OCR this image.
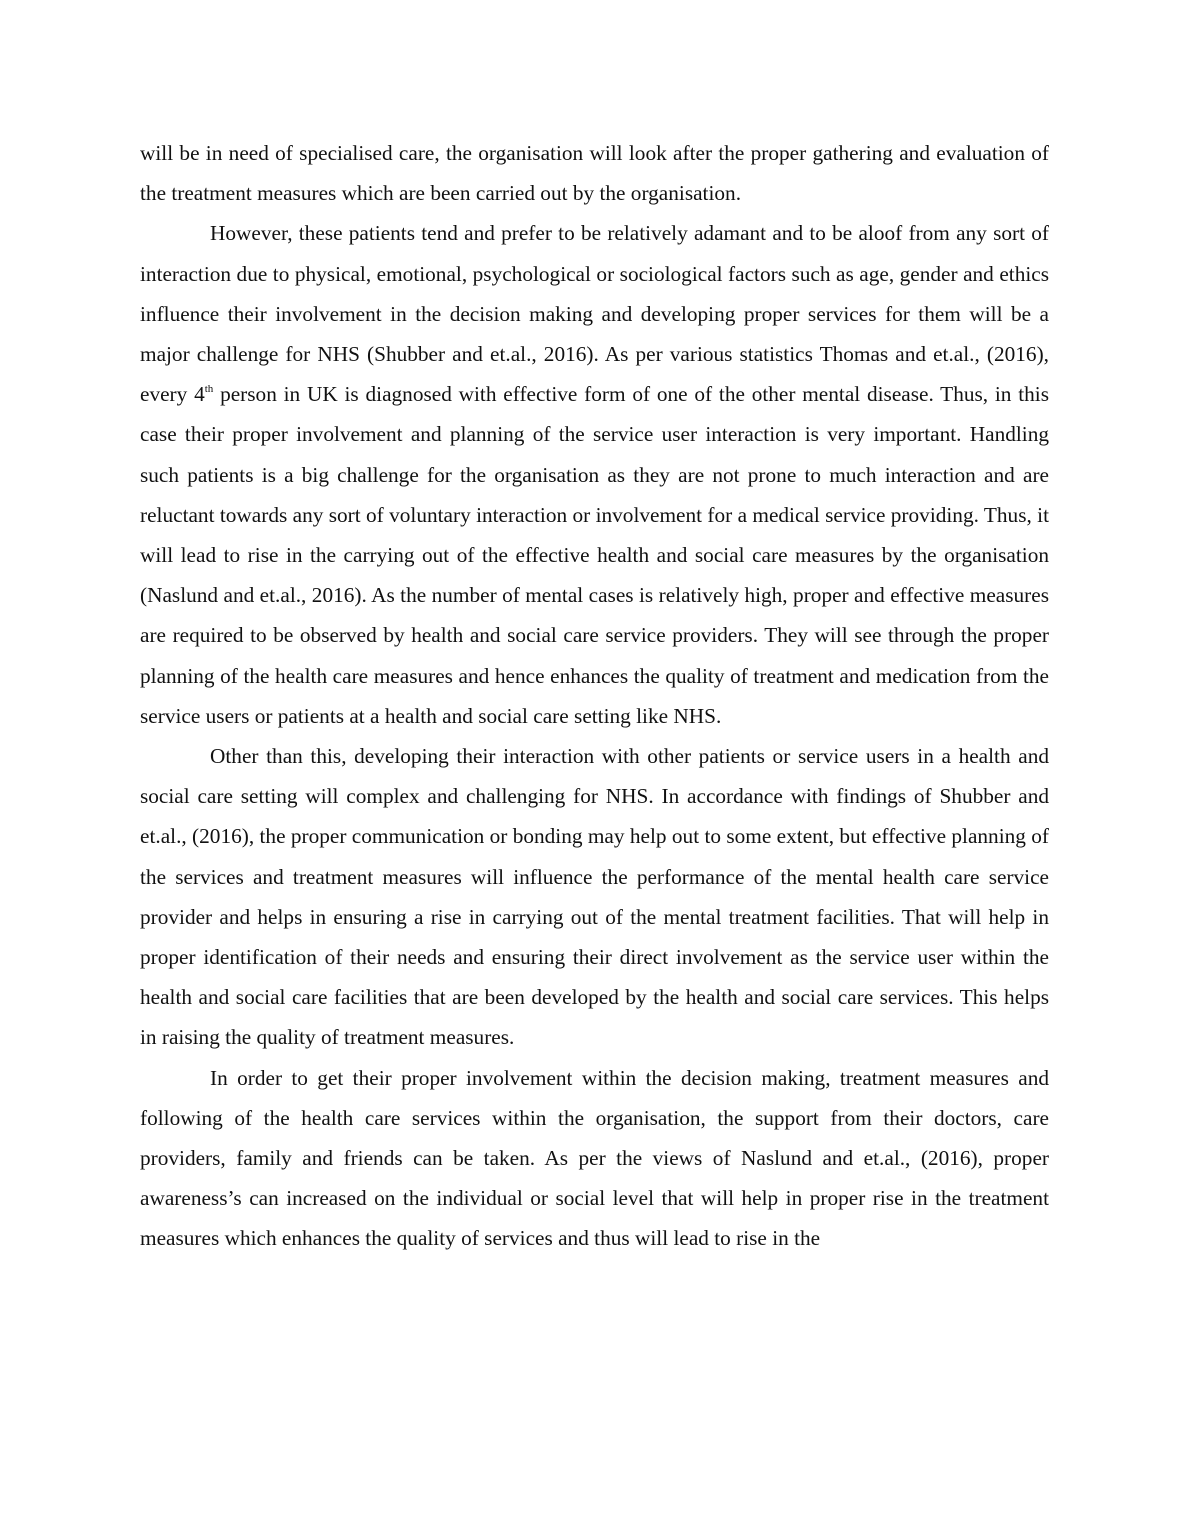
will be in need of specialised care, the organisation will look after the proper gathering and evaluation of the treatment measures which are been carried out by the organisation.

However, these patients tend and prefer to be relatively adamant and to be aloof from any sort of interaction due to physical, emotional, psychological or sociological factors such as age, gender and ethics influence their involvement in the decision making and developing proper services for them will be a major challenge for NHS (Shubber and et.al., 2016). As per various statistics Thomas and et.al., (2016), every 4th person in UK is diagnosed with effective form of one of the other mental disease. Thus, in this case their proper involvement and planning of the service user interaction is very important. Handling such patients is a big challenge for the organisation as they are not prone to much interaction and are reluctant towards any sort of voluntary interaction or involvement for a medical service providing. Thus, it will lead to rise in the carrying out of the effective health and social care measures by the organisation (Naslund and et.al., 2016). As the number of mental cases is relatively high, proper and effective measures are required to be observed by health and social care service providers. They will see through the proper planning of the health care measures and hence enhances the quality of treatment and medication from the service users or patients at a health and social care setting like NHS.

Other than this, developing their interaction with other patients or service users in a health and social care setting will complex and challenging for NHS. In accordance with findings of Shubber and et.al., (2016), the proper communication or bonding may help out to some extent, but effective planning of the services and treatment measures will influence the performance of the mental health care service provider and helps in ensuring a rise in carrying out of the mental treatment facilities. That will help in proper identification of their needs and ensuring their direct involvement as the service user within the health and social care facilities that are been developed by the health and social care services. This helps in raising the quality of treatment measures.

In order to get their proper involvement within the decision making, treatment measures and following of the health care services within the organisation, the support from their doctors, care providers, family and friends can be taken. As per the views of Naslund and et.al., (2016), proper awareness’s can increased on the individual or social level that will help in proper rise in the treatment measures which enhances the quality of services and thus will lead to rise in the
